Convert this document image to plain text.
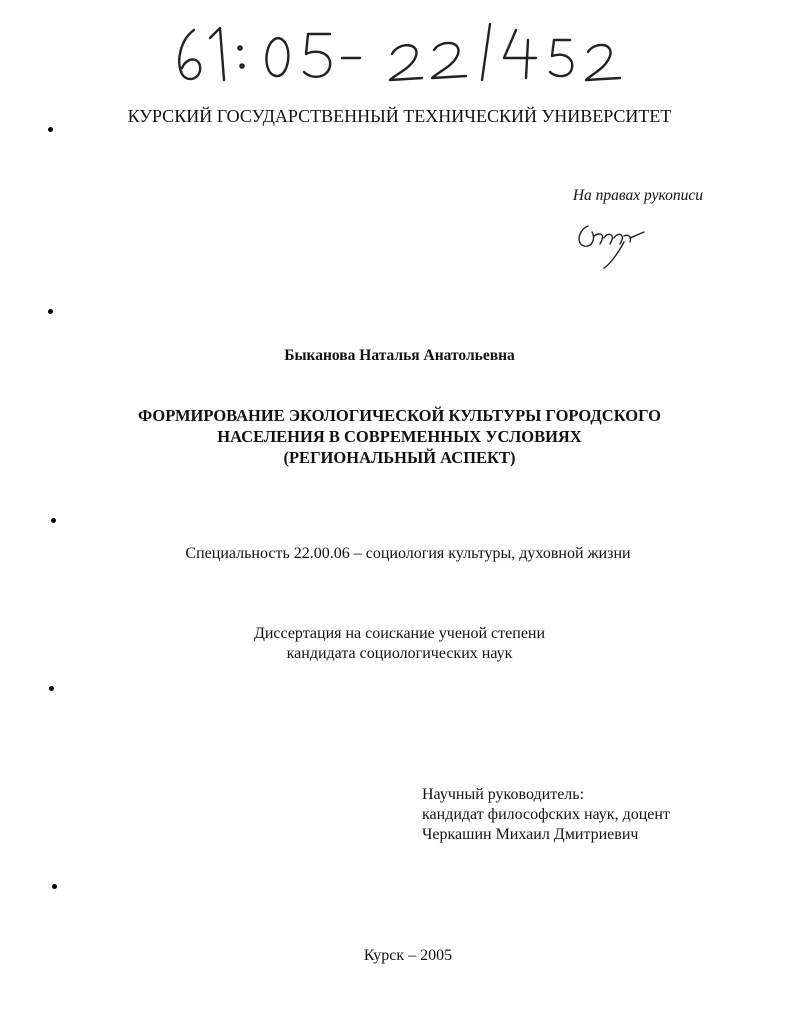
КУРСКИЙ ГОСУДАРСТВЕННЫЙ ТЕХНИЧЕСКИЙ УНИВЕРСИТЕТ
На правах рукописи
Быканова Наталья Анатольевна
ФОРМИРОВАНИЕ ЭКОЛОГИЧЕСКОЙ КУЛЬТУРЫ ГОРОДСКОГО
НАСЕЛЕНИЯ В СОВРЕМЕННЫХ УСЛОВИЯХ
(РЕГИОНАЛЬНЫЙ АСПЕКТ)
Специальность 22.00.06 – социология культуры, духовной жизни
Диссертация на соискание ученой степени
кандидата социологических наук
Научный руководитель:
кандидат философских наук, доцент
Черкашин Михаил Дмитриевич
Курск – 2005
